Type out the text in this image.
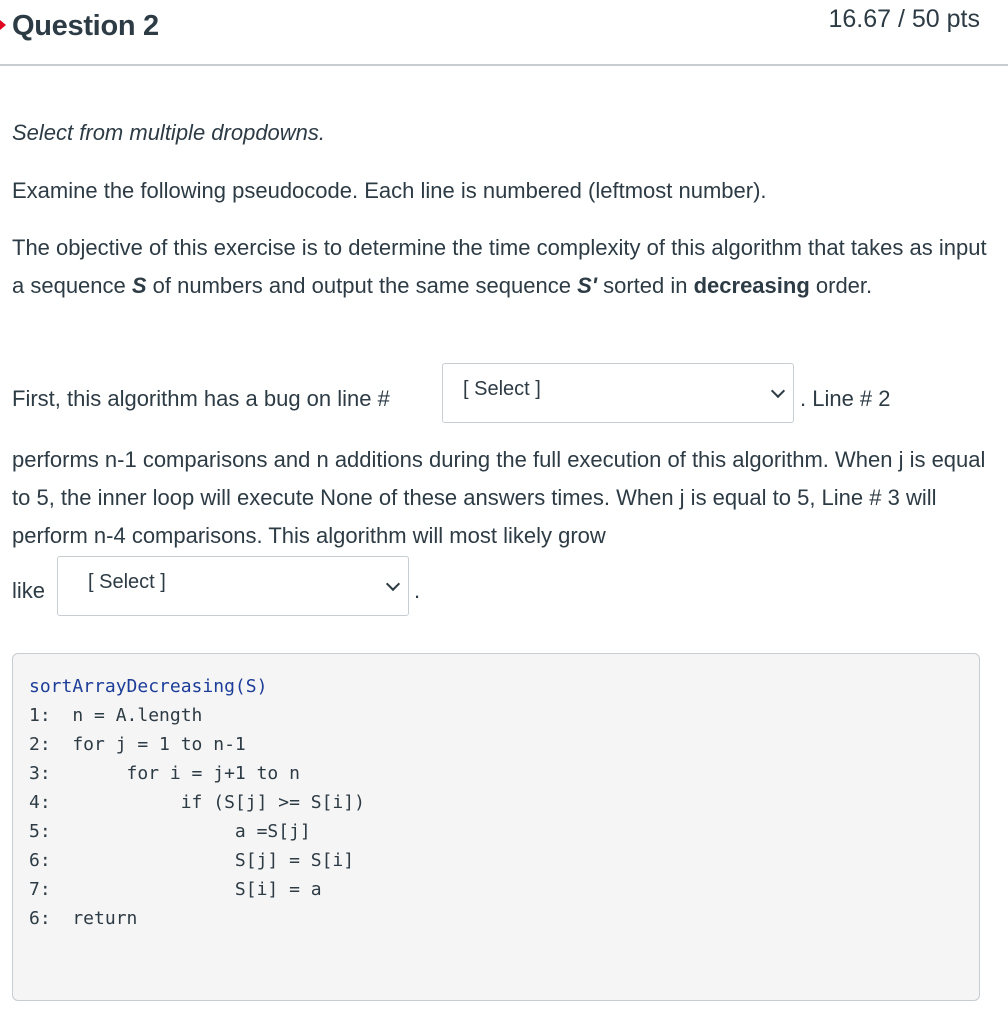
Question 2	16.67 / 50 pts

Select from multiple dropdowns.

Examine the following pseudocode. Each line is numbered (leftmost number).

The objective of this exercise is to determine the time complexity of this algorithm that takes as input a sequence S of numbers and output the same sequence S' sorted in decreasing order.

First, this algorithm has a bug on line #	[ Select ]	. Line # 2

performs n-1 comparisons and n additions during the full execution of this algorithm. When j is equal to 5, the inner loop will execute None of these answers times. When j is equal to 5, Line # 3 will perform n-4 comparisons. This algorithm will most likely grow

like [ Select ]	.

sortArrayDecreasing(S)
1:  n = A.length
2:  for j = 1 to n-1
3:       for i = j+1 to n
4:            if (S[j] >= S[i])
5:                 a =S[j]
6:                 S[j] = S[i]
7:                 S[i] = a
6:  return
